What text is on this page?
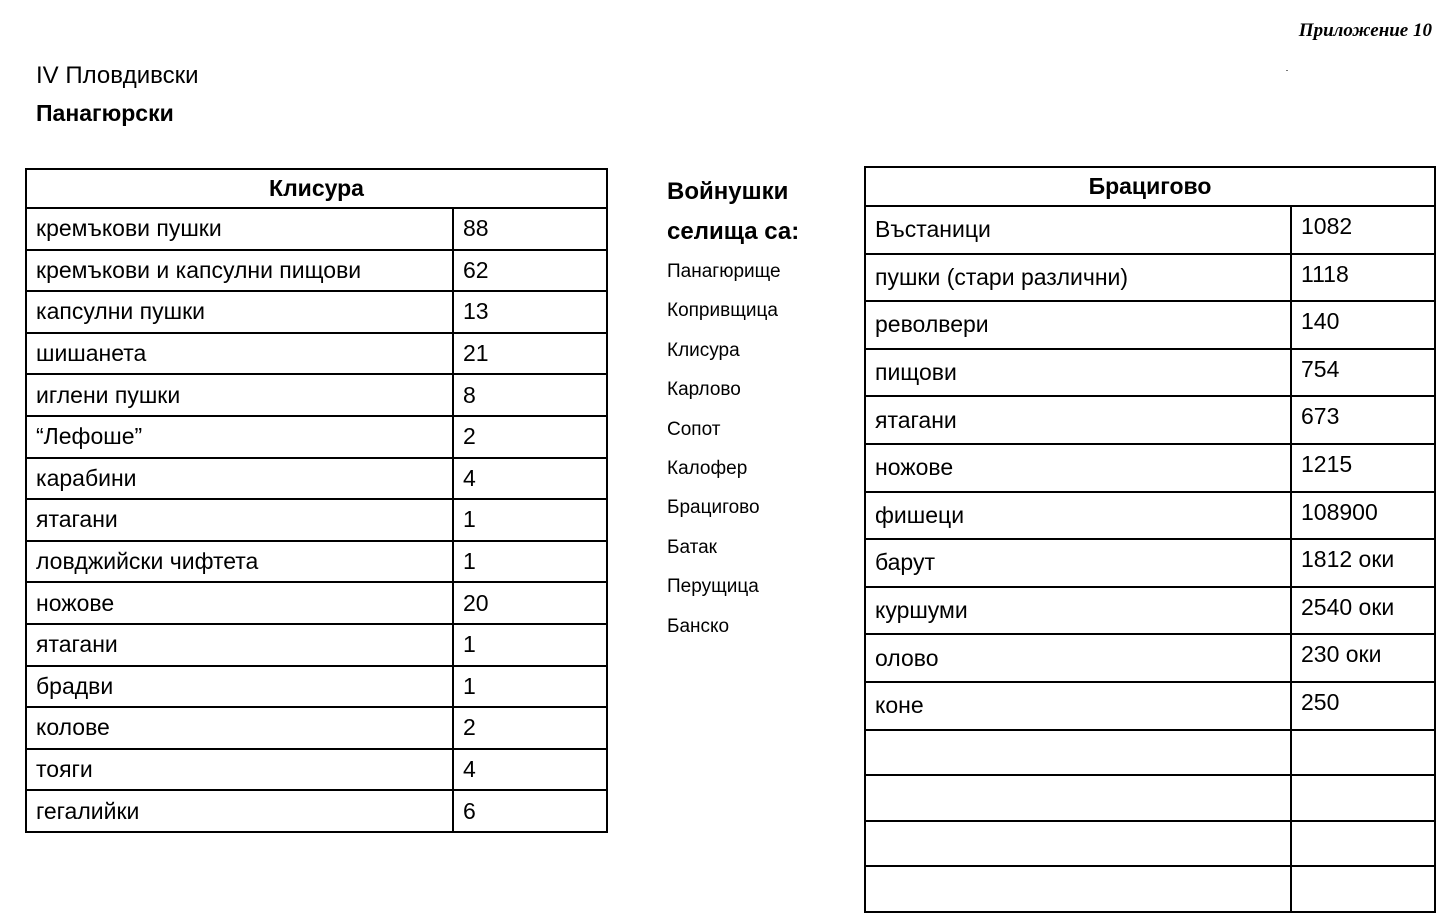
Приложение 10
IV Пловдивски
Панагюрски
Клисура	
кремъкови пушки	88
кремъкови и капсулни пищови	62
капсулни пушки	13
шишанета	21
иглени пушки	8
“Лефоше”	2
карабини	4
ятагани	1
ловджийски чифтета	1
ножове	20
ятагани	1
брадви	1
колове	2
тояги	4
гегалийки	6
Войнушки
селища са:
Панагюрище
Копривщица
Клисура
Карлово
Сопот
Калофер
Брацигово
Батак
Перущица
Банско
Брацигово	
Въстаници	1082
пушки (стари различни)	1118
револвери	140
пищови	754
ятагани	673
ножове	1215
фишеци	108900
барут	1812 оки
куршуми	2540 оки
олово	230 оки
коне	250
